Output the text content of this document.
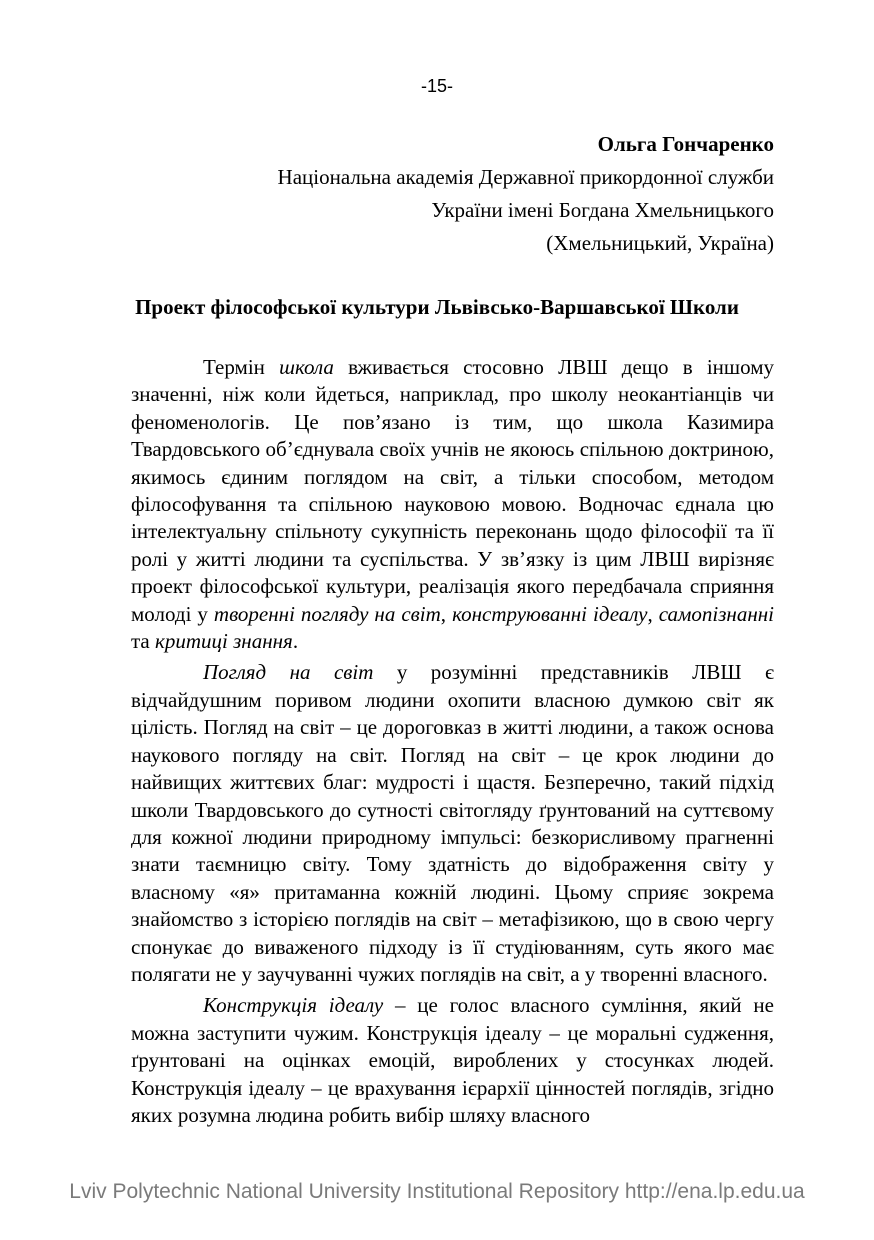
-15-
Ольга Гончаренко
Національна академія Державної прикордонної служби
України імені Богдана Хмельницького
(Хмельницький, Україна)
Проект філософської культури Львівсько-Варшавської Школи

Термін школа вживається стосовно ЛВШ дещо в іншому значенні, ніж коли йдеться, наприклад, про школу неокантіанців чи феноменологів. Це пов’язано із тим, що школа Казимира Твардовського об’єднувала своїх учнів не якоюсь спільною доктриною, якимось єдиним поглядом на світ, а тільки способом, методом філософування та спільною науковою мовою. Водночас єднала цю інтелектуальну спільноту сукупність переконань щодо філософії та її ролі у житті людини та суспільства. У зв’язку із цим ЛВШ вирізняє проект філософської культури, реалізація якого передбачала сприяння молоді у творенні погляду на світ, конструюванні ідеалу, самопізнанні та критиці знання.

Погляд на світ у розумінні представників ЛВШ є відчайдушним поривом людини охопити власною думкою світ як цілість. Погляд на світ – це дороговказ в житті людини, а також основа наукового погляду на світ. Погляд на світ – це крок людини до найвищих життєвих благ: мудрості і щастя. Безперечно, такий підхід школи Твардовського до сутності світогляду ґрунтований на суттєвому для кожної людини природному імпульсі: безкорисливому прагненні знати таємницю світу. Тому здатність до відображення світу у власному «я» притаманна кожній людині. Цьому сприяє зокрема знайомство з історією поглядів на світ – метафізикою, що в свою чергу спонукає до виваженого підходу із її студіюванням, суть якого має полягати не у заучуванні чужих поглядів на світ, а у творенні власного.

Конструкція ідеалу – це голос власного сумління, який не можна заступити чужим. Конструкція ідеалу – це моральні судження, ґрунтовані на оцінках емоцій, вироблених у стосунках людей. Конструкція ідеалу – це врахування ієрархії цінностей поглядів, згідно яких розумна людина робить вибір шляху власного

Lviv Polytechnic National University Institutional Repository http://ena.lp.edu.ua
